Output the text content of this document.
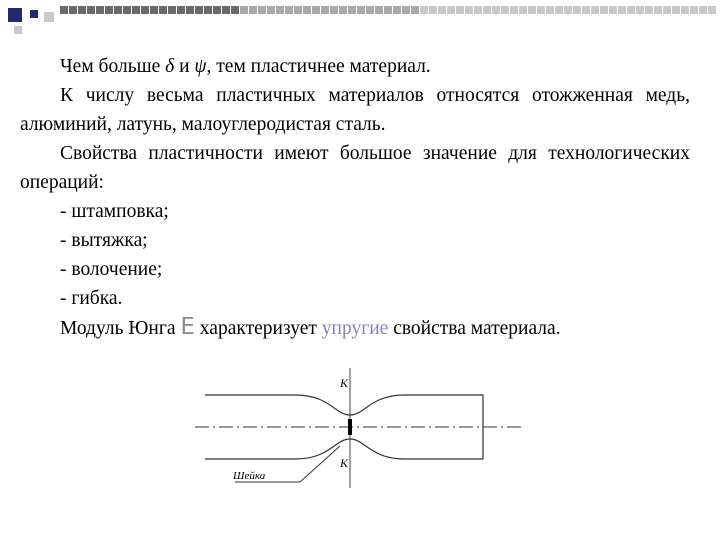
Чем больше δ и ψ, тем пластичнее материал.

К числу весьма пластичных материалов относятся отожженная медь, алюминий, латунь, малоуглеродистая сталь.

Свойства пластичности имеют большое значение для технологических операций:

- штамповка;

- вытяжка;

- волочение;

- гибка.

Модуль Юнга Е характеризует упругие свойства материала.

К
К
Шейка
